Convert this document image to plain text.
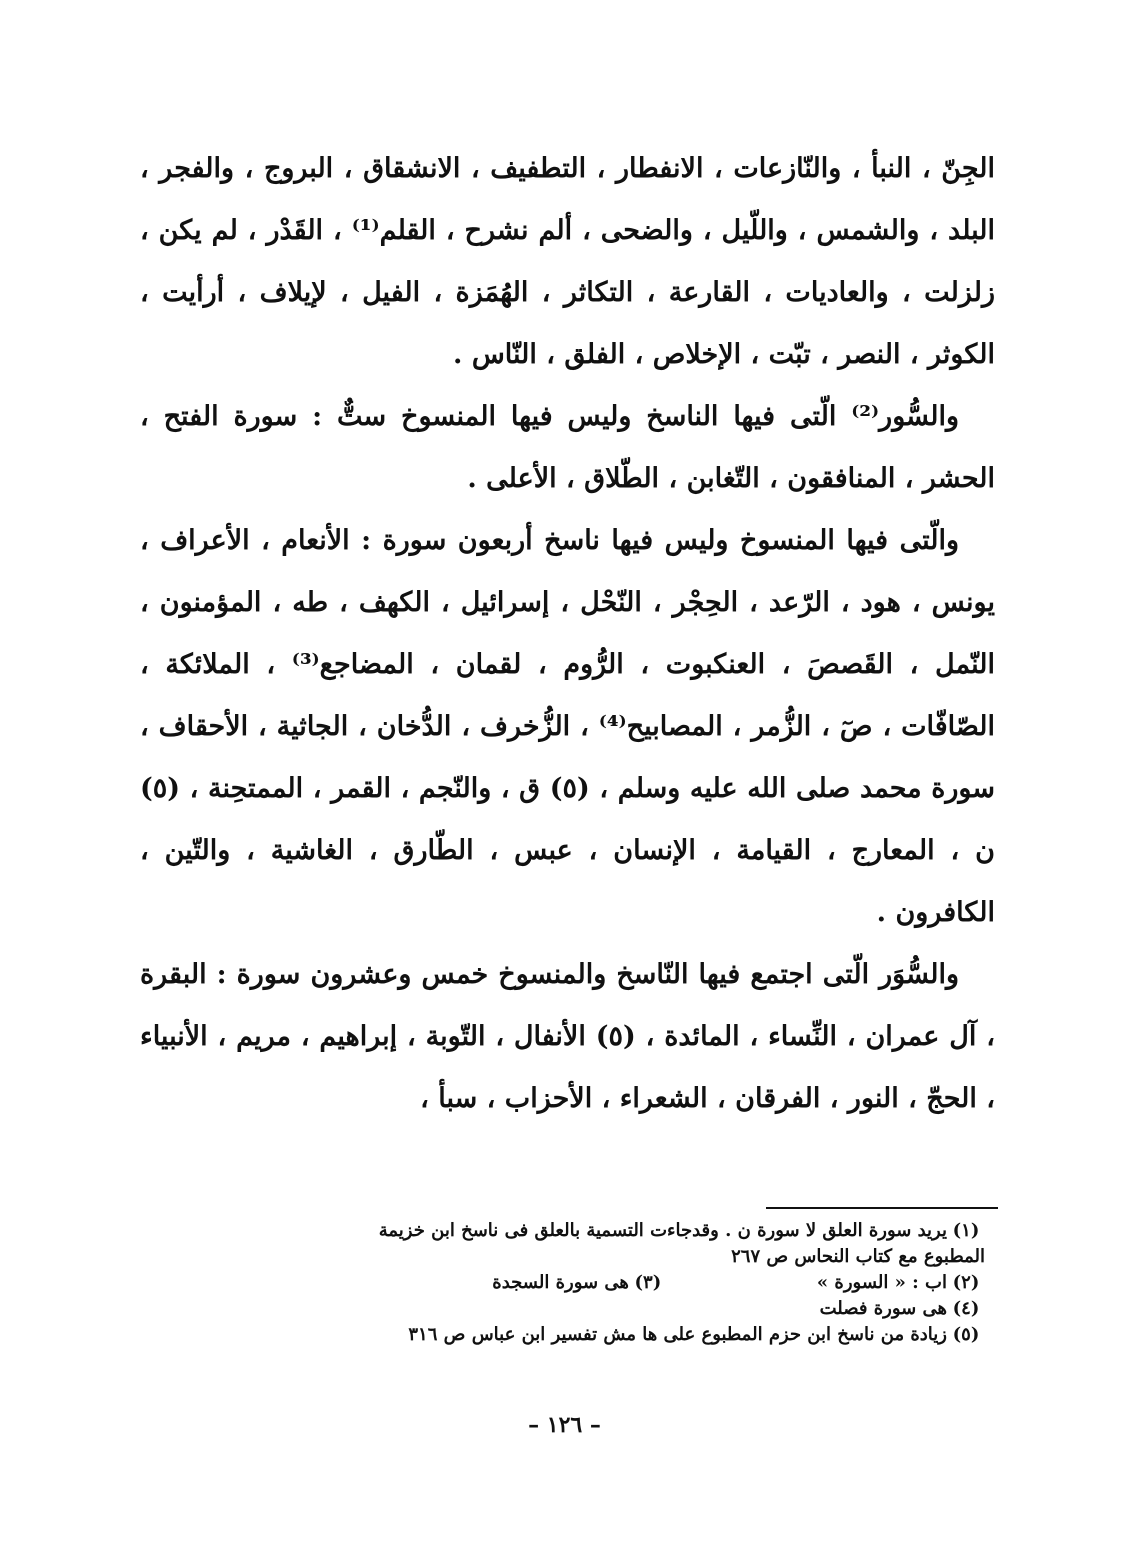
الجِنّ ، النبأ ، والنّازعات ، الانفطار ، التطفيف ، الانشقاق ، البروج ، والفجر ، البلد ، والشمس ، واللّيل ، والضحى ، ألم نشرح ، القلم⁽¹⁾ ، القَدْر ، لم يكن ، زلزلت ، والعاديات ، القارعة ، التكاثر ، الهُمَزة ، الفيل ، لإيلاف ، أرأيت ، الكوثر ، النصر ، تبّت ، الإخلاص ، الفلق ، النّاس .

والسُّور⁽²⁾ الّتى فيها الناسخ وليس فيها المنسوخ ستٌّ : سورة الفتح ، الحشر ، المنافقون ، التّغابن ، الطّلاق ، الأعلى .

والّتى فيها المنسوخ وليس فيها ناسخ أربعون سورة : الأنعام ، الأعراف ، يونس ، هود ، الرّعد ، الحِجْر ، النّحْل ، إسرائيل ، الكهف ، طه ، المؤمنون ، النّمل ، القَصصَ ، العنكبوت ، الرُّوم ، لقمان ، المضاجع⁽³⁾ ، الملائكة ، الصّافّات ، صٓ ، الزُّمر ، المصابيح⁽⁴⁾ ، الزُّخرف ، الدُّخان ، الجاثية ، الأحقاف ، سورة محمد صلى الله عليه وسلم ، (٥) ق ، والنّجم ، القمر ، الممتحِنة ، (٥) ن ، المعارج ، القيامة ، الإنسان ، عبس ، الطّارق ، الغاشية ، والتّين ، الكافرون .

والسُّوَر الّتى اجتمع فيها النّاسخ والمنسوخ خمس وعشرون سورة : البقرة ، آل عمران ، النِّساء ، المائدة ، (٥) الأنفال ، التّوبة ، إبراهيم ، مريم ، الأنبياء ، الحجّ ، النور ، الفرقان ، الشعراء ، الأحزاب ، سبأ ،

(١)
يريد سورة العلق لا سورة ن . وقدجاءت التسمية بالعلق فى ناسخ ابن خزيمة

المطبوع مع كتاب النحاس ص ٢٦٧

(٢)
اب : « السورة »
(٣)
هى سورة السجدة

(٤)
هى سورة فصلت

(٥)
زيادة من ناسخ ابن حزم المطبوع على ها مش تفسير ابن عباس ص ٣١٦

– ١٢٦ –
